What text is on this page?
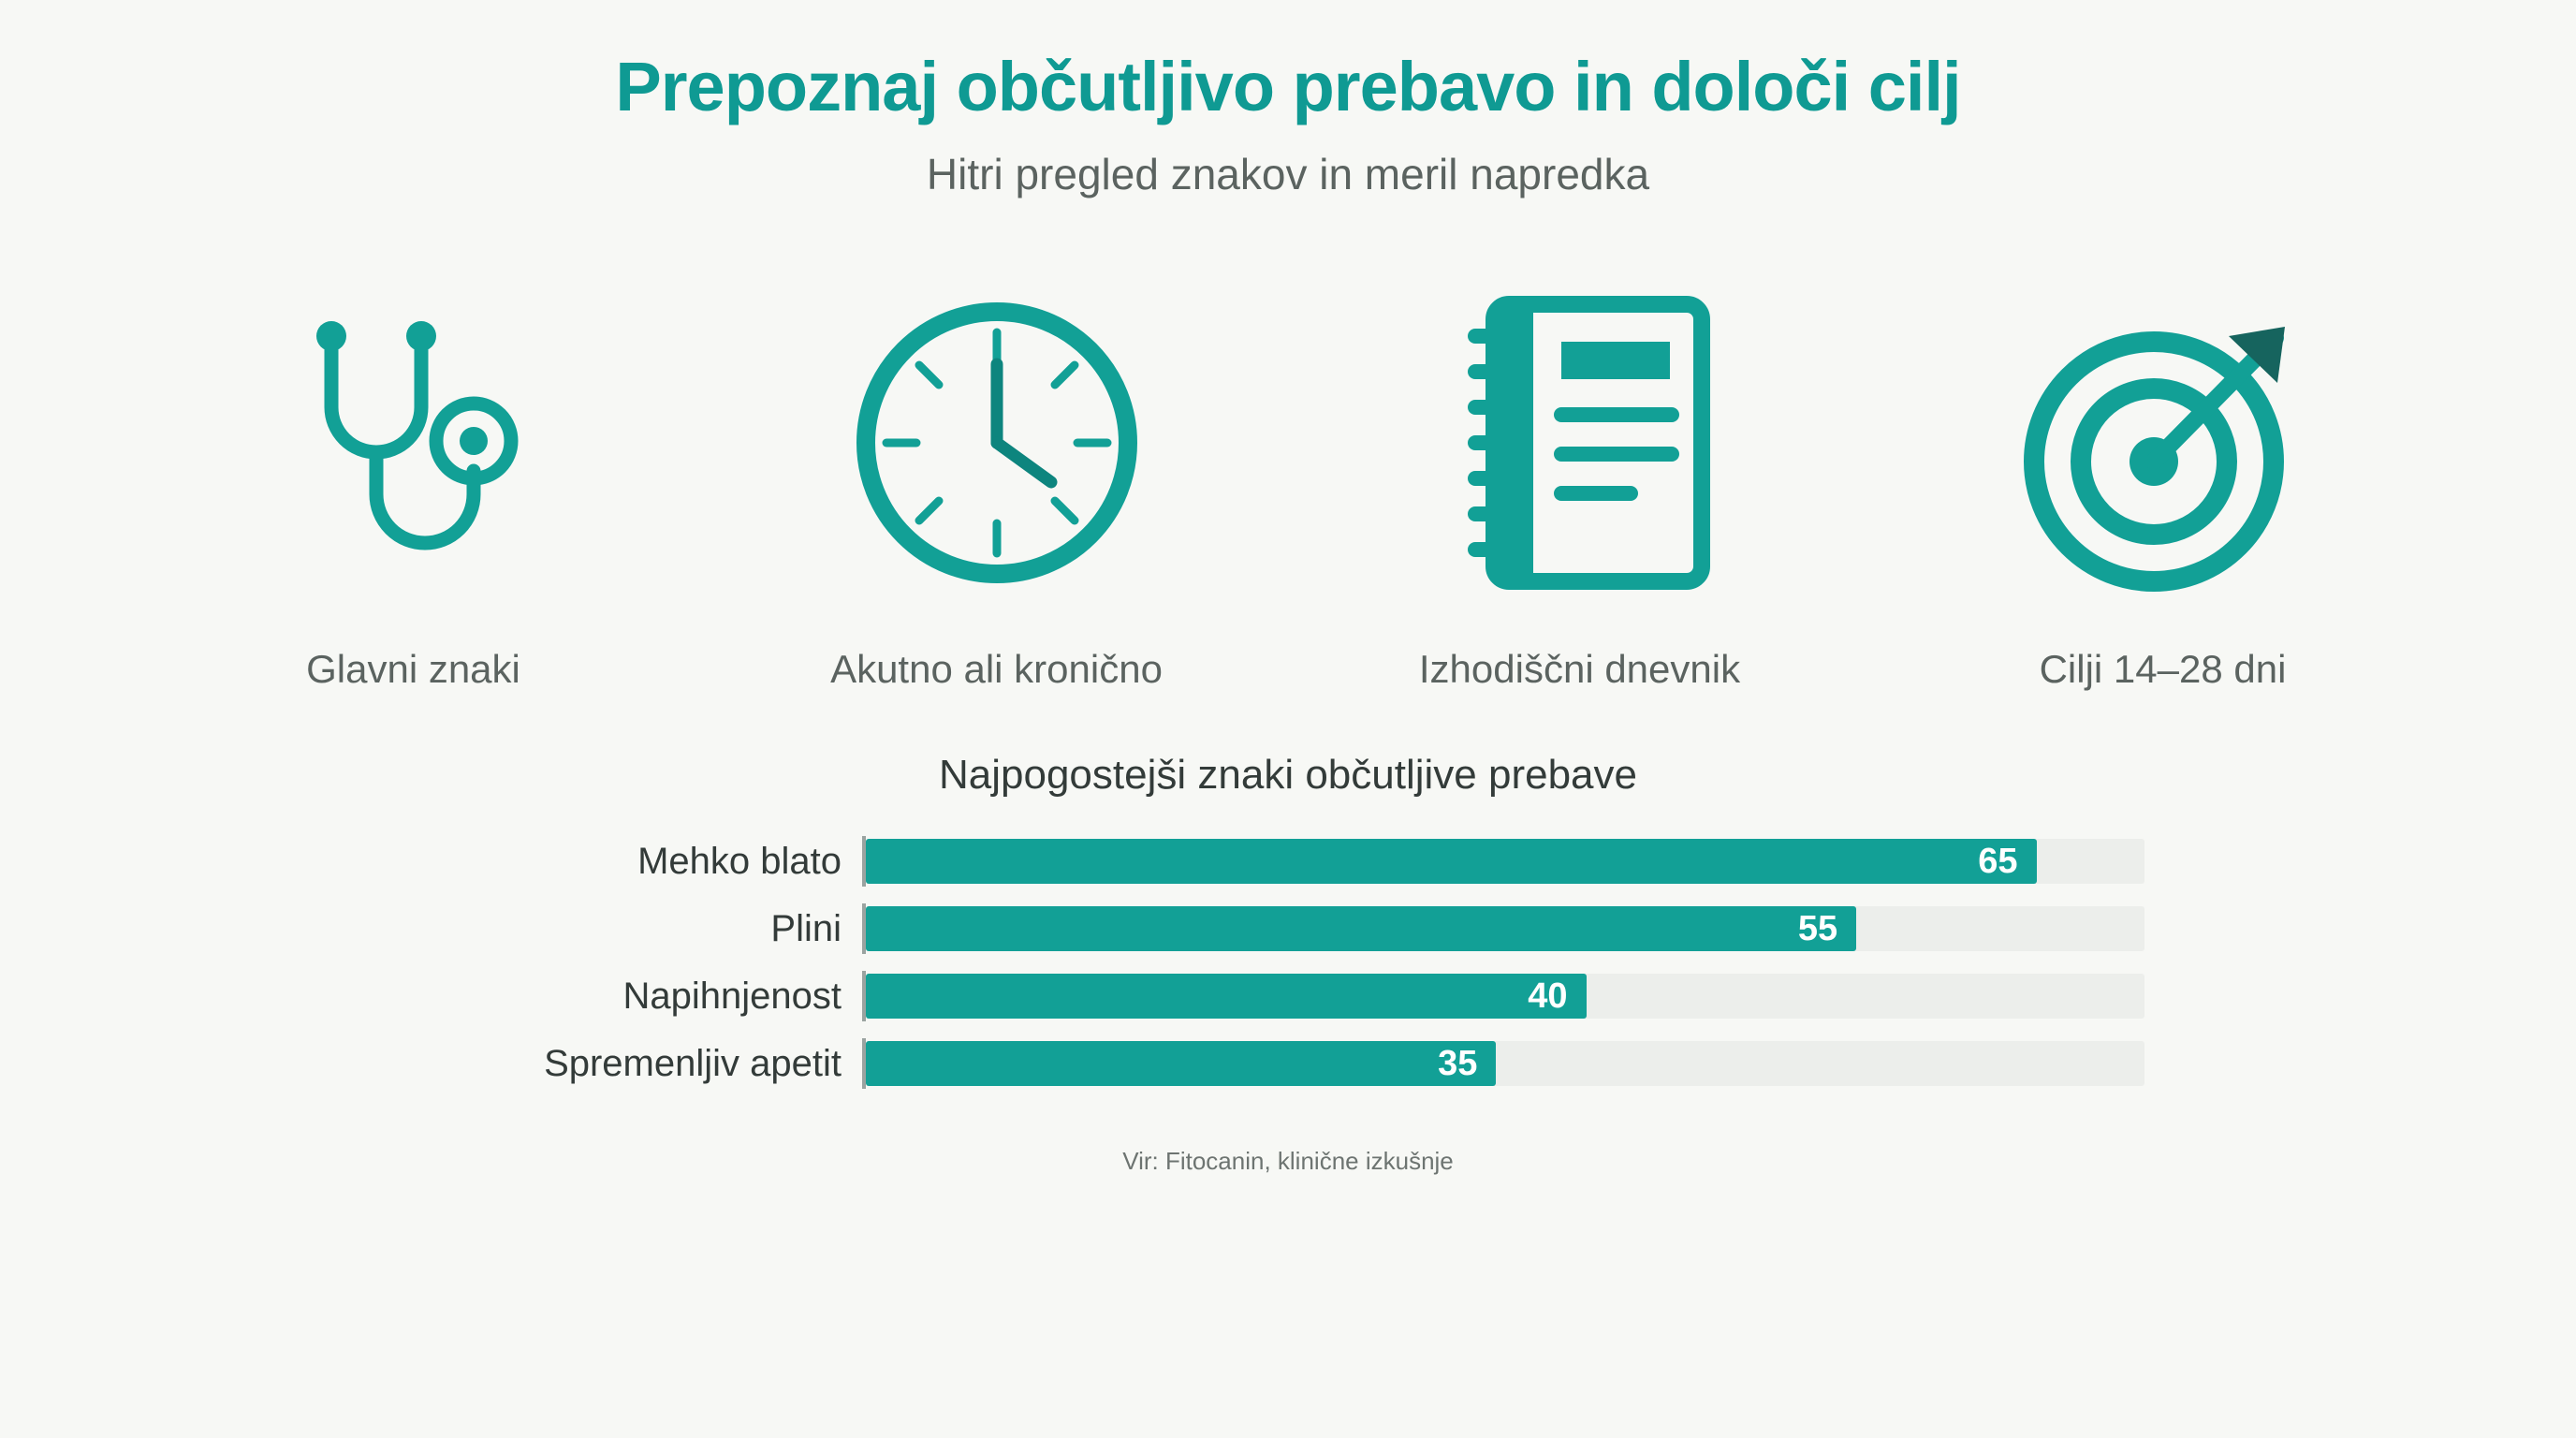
Prepoznaj občutljivo prebavo in določi cilj
Hitri pregled znakov in meril napredka
Glavni znaki	Akutno ali kronično	Izhodiščni dnevnik	Cilji 14–28 dni
Najpogostejši znaki občutljive prebave
Mehko blato	65
Plini	55
Napihnjenost	40
Spremenljiv apetit	35
Vir: Fitocanin, klinične izkušnje
